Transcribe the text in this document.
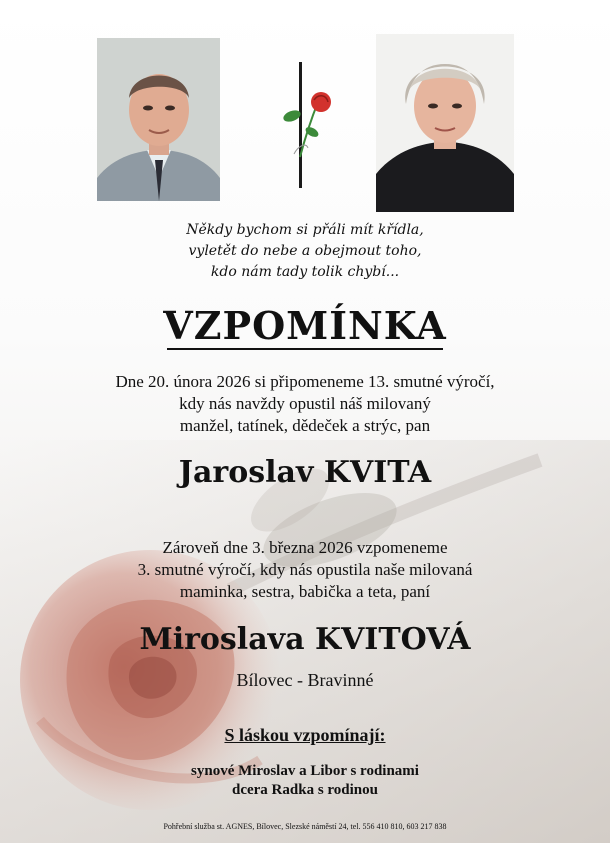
Někdy bychom si přáli mít křídla,
vyletět do nebe a obejmout toho,
kdo nám tady tolik chybí...
VZPOMÍNKA
Dne 20. února 2026 si připomeneme 13. smutné výročí,
kdy nás navždy opustil náš milovaný
manžel, tatínek, dědeček a strýc, pan
Jaroslav KVITA
Zároveň dne 3. března 2026 vzpomeneme
3. smutné výročí, kdy nás opustila naše milovaná
maminka, sestra, babička a teta, paní
Miroslava KVITOVÁ
Bílovec - Bravinné
S láskou vzpomínají:
synové Miroslav a Libor s rodinami
dcera Radka s rodinou
Pohřební služba st. AGNES, Bílovec, Slezské náměstí 24, tel. 556 410 810, 603 217 838
